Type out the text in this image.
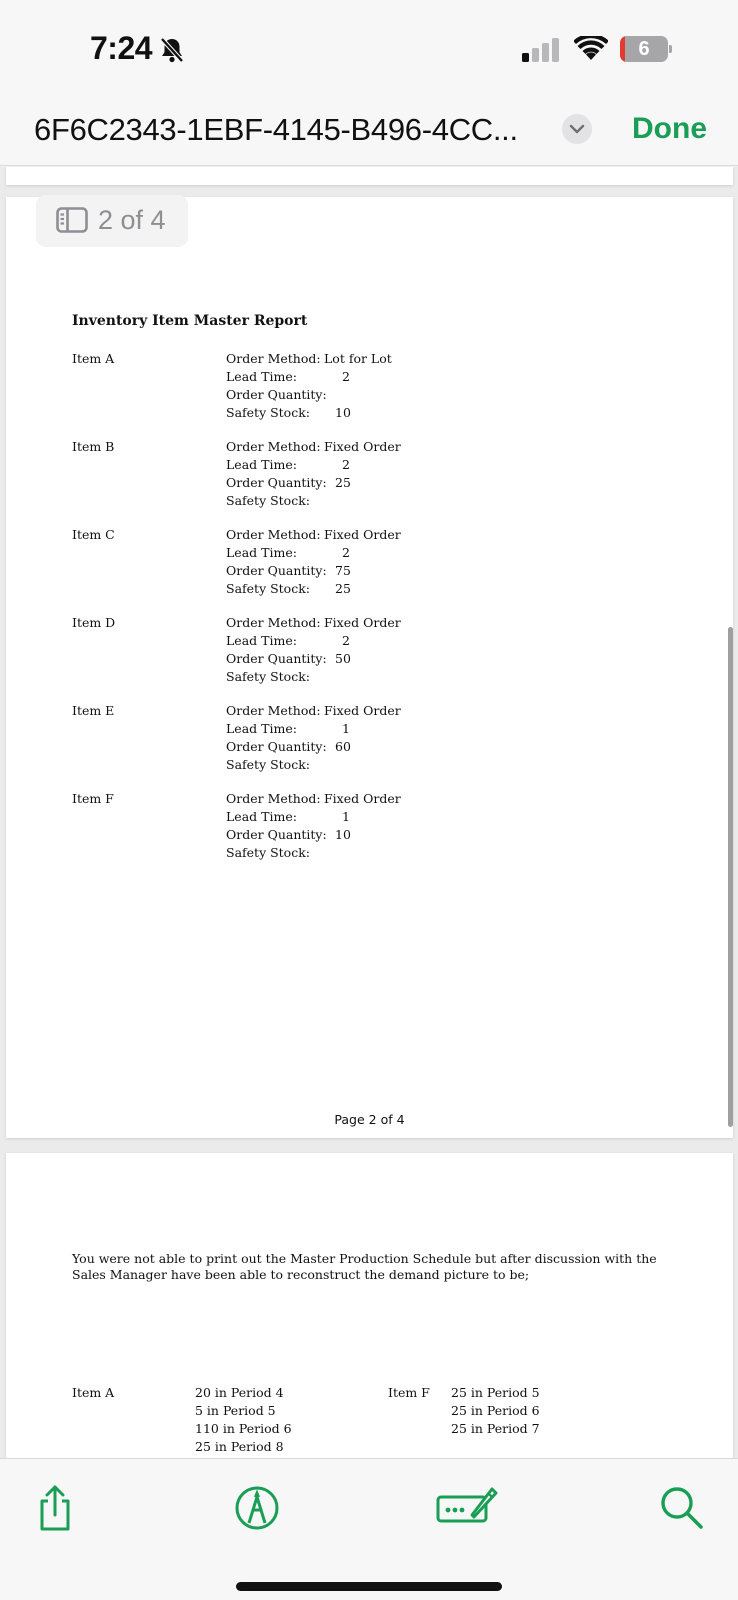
7:24	6
6F6C2343-1EBF-4145-B496-4CC...	Done
Inventory Item Master Report
Item A	Order Method: Lot for Lot
Lead Time:	2
Order Quantity:
Safety Stock: 10
Item B	Order Method: Fixed Order
Lead Time:	2
Order Quantity: 25
Safety Stock:
Item C	Order Method: Fixed Order
Lead Time:	2
Order Quantity: 75
Safety Stock: 25
Item D	Order Method: Fixed Order
Lead Time:	2
Order Quantity: 50
Safety Stock:
Item E	Order Method: Fixed Order
Lead Time:	1
Order Quantity: 60
Safety Stock:
Item F	Order Method: Fixed Order
Lead Time:	1
Order Quantity: 10
Safety Stock:
Page 2 of 4
You were not able to print out the Master Production Schedule but after discussion with the Sales Manager have been able to reconstruct the demand picture to be;
Item A	20 in Period 4
5 in Period 5
110 in Period 6
25 in Period 8
Item F 25 in Period 5
25 in Period 6
25 in Period 7
2 of 4
